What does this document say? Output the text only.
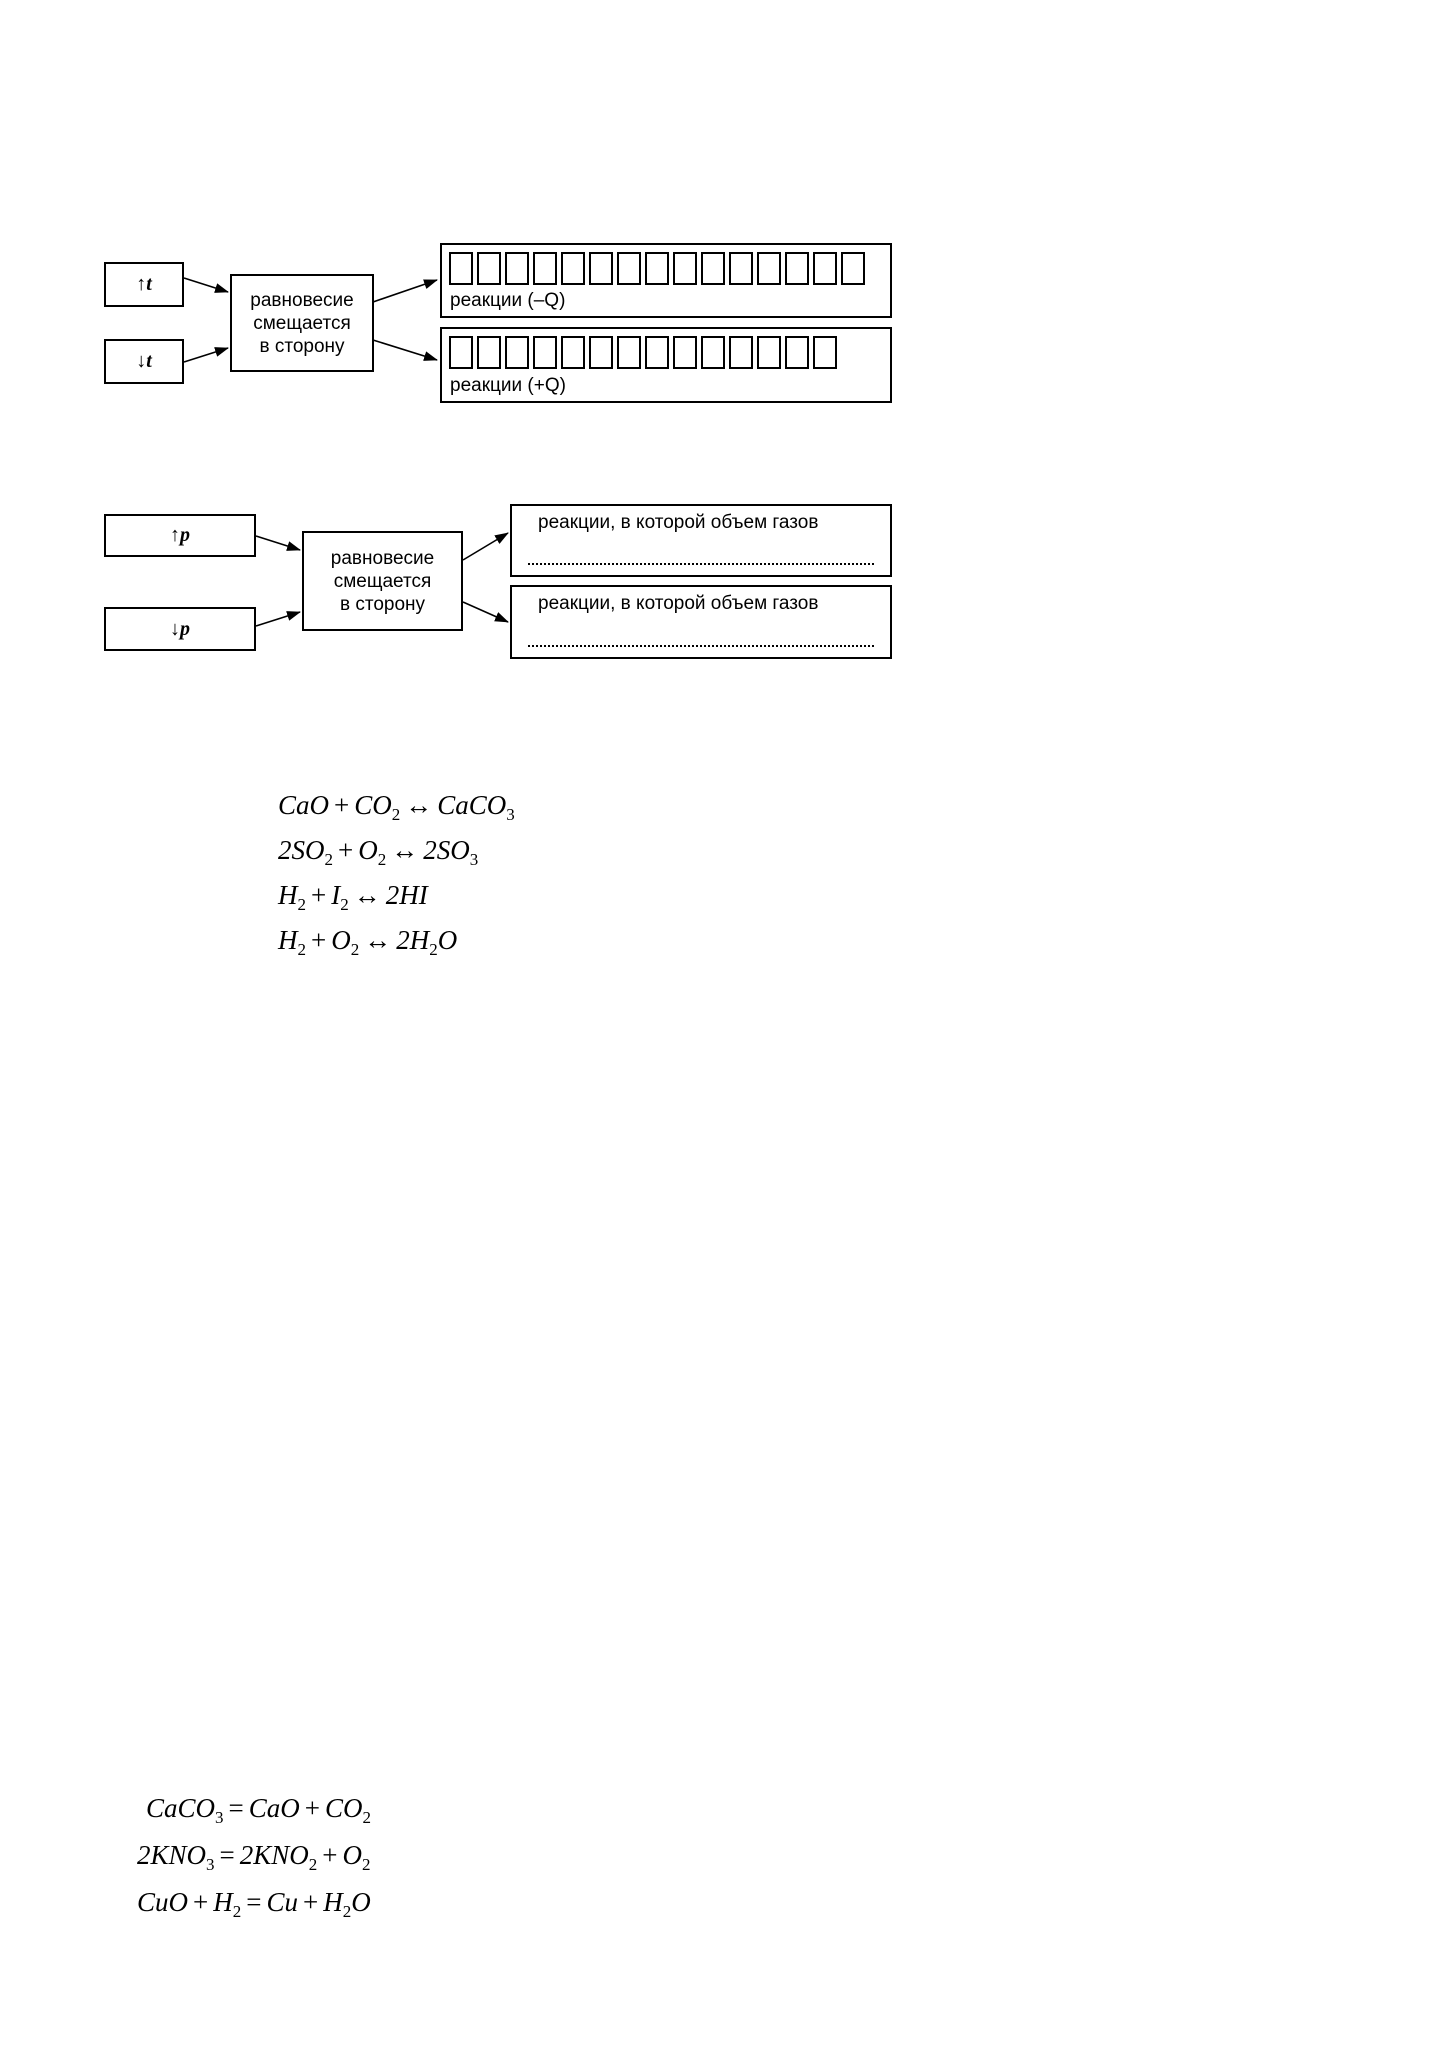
↑t
↓t
равновесие
смещается
в сторону
реакции (–Q)
реакции (+Q)
↑p
↓p
равновесие
смещается
в сторону
реакции, в которой объем газов
реакции, в которой объем газов
CaO + $CO_2$ ↔ CaCO$_3$
$2SO_2 + O_2$ ↔ $2SO_3$
$H_2 + I_2$ ↔ 2HI
$H_2 + O_2$ ↔ $2H_2O$
CaCO$_3$ = CaO + $CO_2$
$2KNO_3 = 2KNO_2 + O_2$
CuO + $H_2 = Cu + H_2O$
